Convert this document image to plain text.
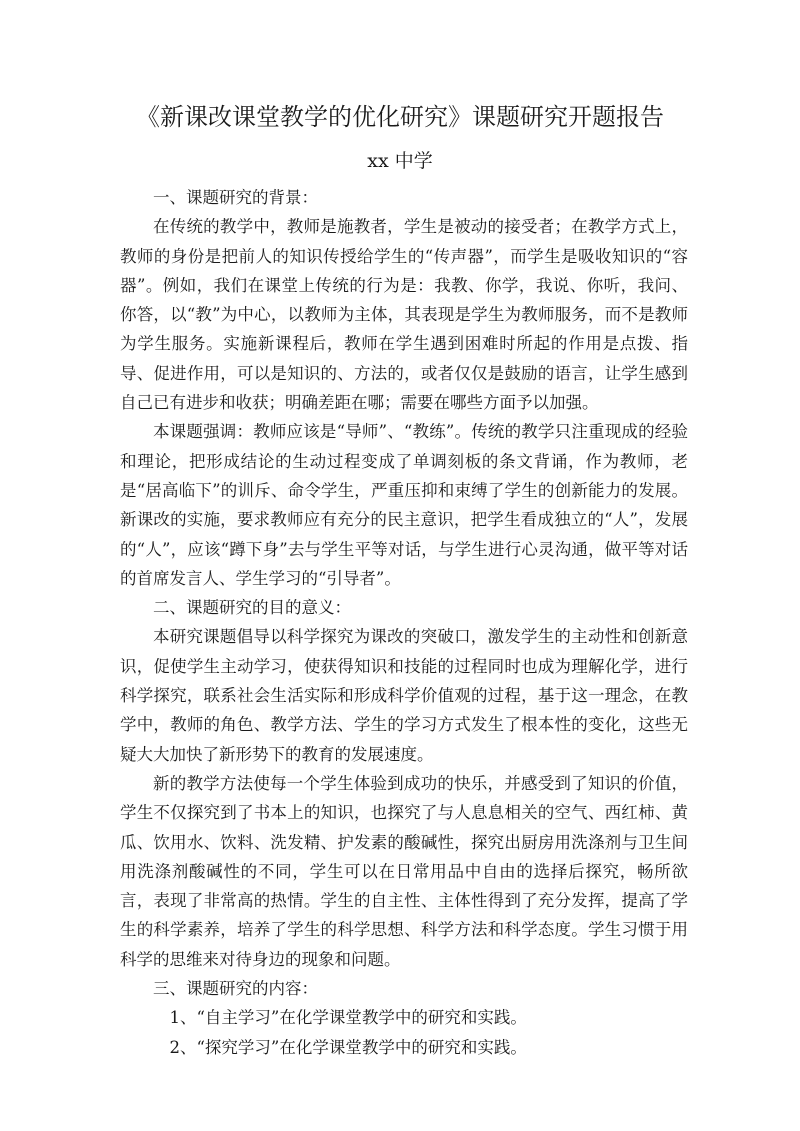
《新课改课堂教学的优化研究》课题研究开题报告
xx 中学

一、课题研究的背景：

在传统的教学中，教师是施教者，学生是被动的接受者；在教学方式上，教师的身份是把前人的知识传授给学生的“传声器”，而学生是吸收知识的“容器”。例如，我们在课堂上传统的行为是：我教、你学，我说、你听，我问、你答，以“教”为中心，以教师为主体，其表现是学生为教师服务，而不是教师为学生服务。实施新课程后，教师在学生遇到困难时所起的作用是点拨、指导、促进作用，可以是知识的、方法的，或者仅仅是鼓励的语言，让学生感到自己已有进步和收获；明确差距在哪；需要在哪些方面予以加强。

本课题强调：教师应该是“导师”、“教练”。传统的教学只注重现成的经验和理论，把形成结论的生动过程变成了单调刻板的条文背诵，作为教师，老是“居高临下”的训斥、命令学生，严重压抑和束缚了学生的创新能力的发展。新课改的实施，要求教师应有充分的民主意识，把学生看成独立的“人”，发展的“人”，应该“蹲下身”去与学生平等对话，与学生进行心灵沟通，做平等对话的首席发言人、学生学习的“引导者”。

二、课题研究的目的意义：

本研究课题倡导以科学探究为课改的突破口，激发学生的主动性和创新意识，促使学生主动学习，使获得知识和技能的过程同时也成为理解化学，进行科学探究，联系社会生活实际和形成科学价值观的过程，基于这一理念，在教学中，教师的角色、教学方法、学生的学习方式发生了根本性的变化，这些无疑大大加快了新形势下的教育的发展速度。

新的教学方法使每一个学生体验到成功的快乐，并感受到了知识的价值，学生不仅探究到了书本上的知识，也探究了与人息息相关的空气、西红柿、黄瓜、饮用水、饮料、洗发精、护发素的酸碱性，探究出厨房用洗涤剂与卫生间用洗涤剂酸碱性的不同，学生可以在日常用品中自由的选择后探究，畅所欲言，表现了非常高的热情。学生的自主性、主体性得到了充分发挥，提高了学生的科学素养，培养了学生的科学思想、科学方法和科学态度。学生习惯于用科学的思维来对待身边的现象和问题。

三、课题研究的内容：

1、“自主学习”在化学课堂教学中的研究和实践。

2、“探究学习”在化学课堂教学中的研究和实践。
